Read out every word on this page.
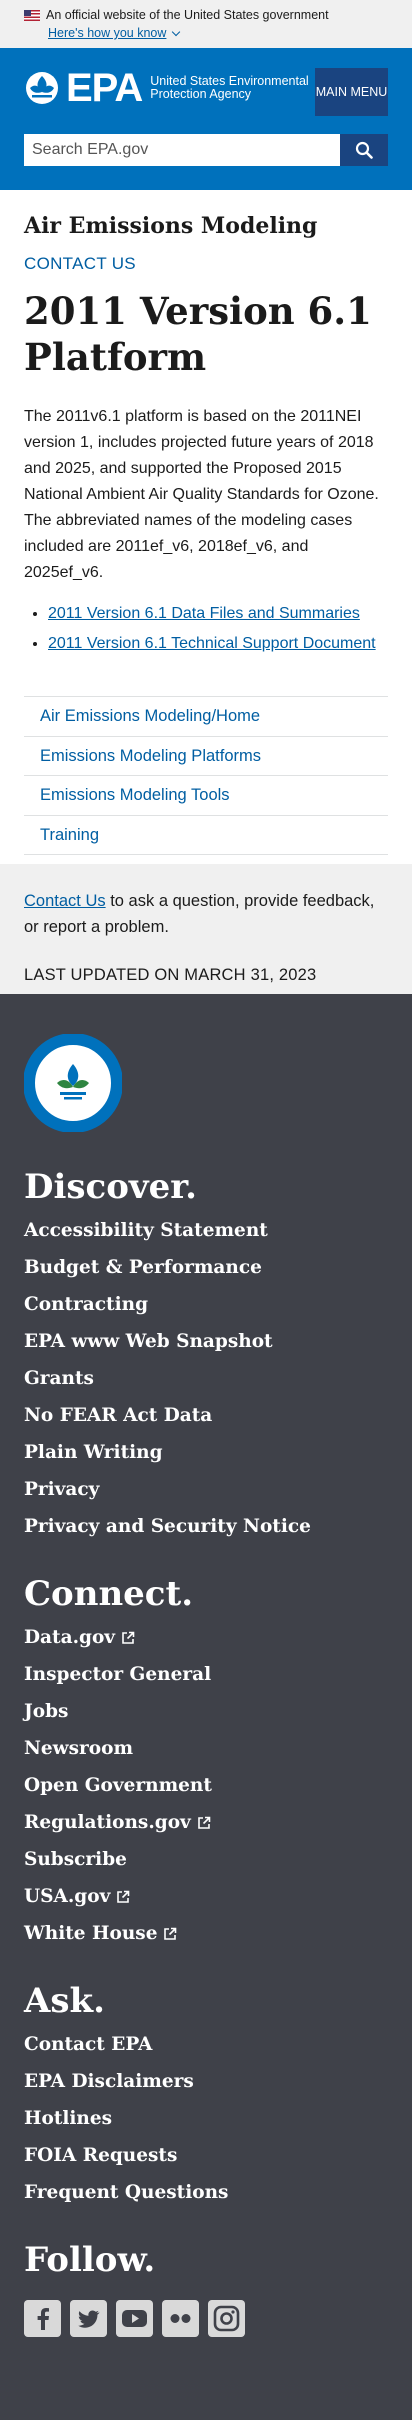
An official website of the United States government
Here's how you know
EPA United States Environmental Protection Agency	MAIN MENU
Search EPA.gov
Air Emissions Modeling
CONTACT US
2011 Version 6.1 Platform

The 2011v6.1 platform is based on the 2011NEI version 1, includes projected future years of 2018 and 2025, and supported the Proposed 2015 National Ambient Air Quality Standards for Ozone. The abbreviated names of the modeling cases included are 2011ef_v6, 2018ef_v6, and 2025ef_v6.

• 2011 Version 6.1 Data Files and Summaries
• 2011 Version 6.1 Technical Support Document
Air Emissions Modeling/Home
Emissions Modeling Platforms
Emissions Modeling Tools
Training

Contact Us to ask a question, provide feedback, or report a problem.

LAST UPDATED ON MARCH 31, 2023

Discover.
Accessibility Statement
Budget & Performance
Contracting
EPA www Web Snapshot
Grants
No FEAR Act Data
Plain Writing
Privacy
Privacy and Security Notice
Connect.
Data.gov
Inspector General
Jobs
Newsroom
Open Government
Regulations.gov
Subscribe
USA.gov
White House
Ask.
Contact EPA
EPA Disclaimers
Hotlines
FOIA Requests
Frequent Questions
Follow.
